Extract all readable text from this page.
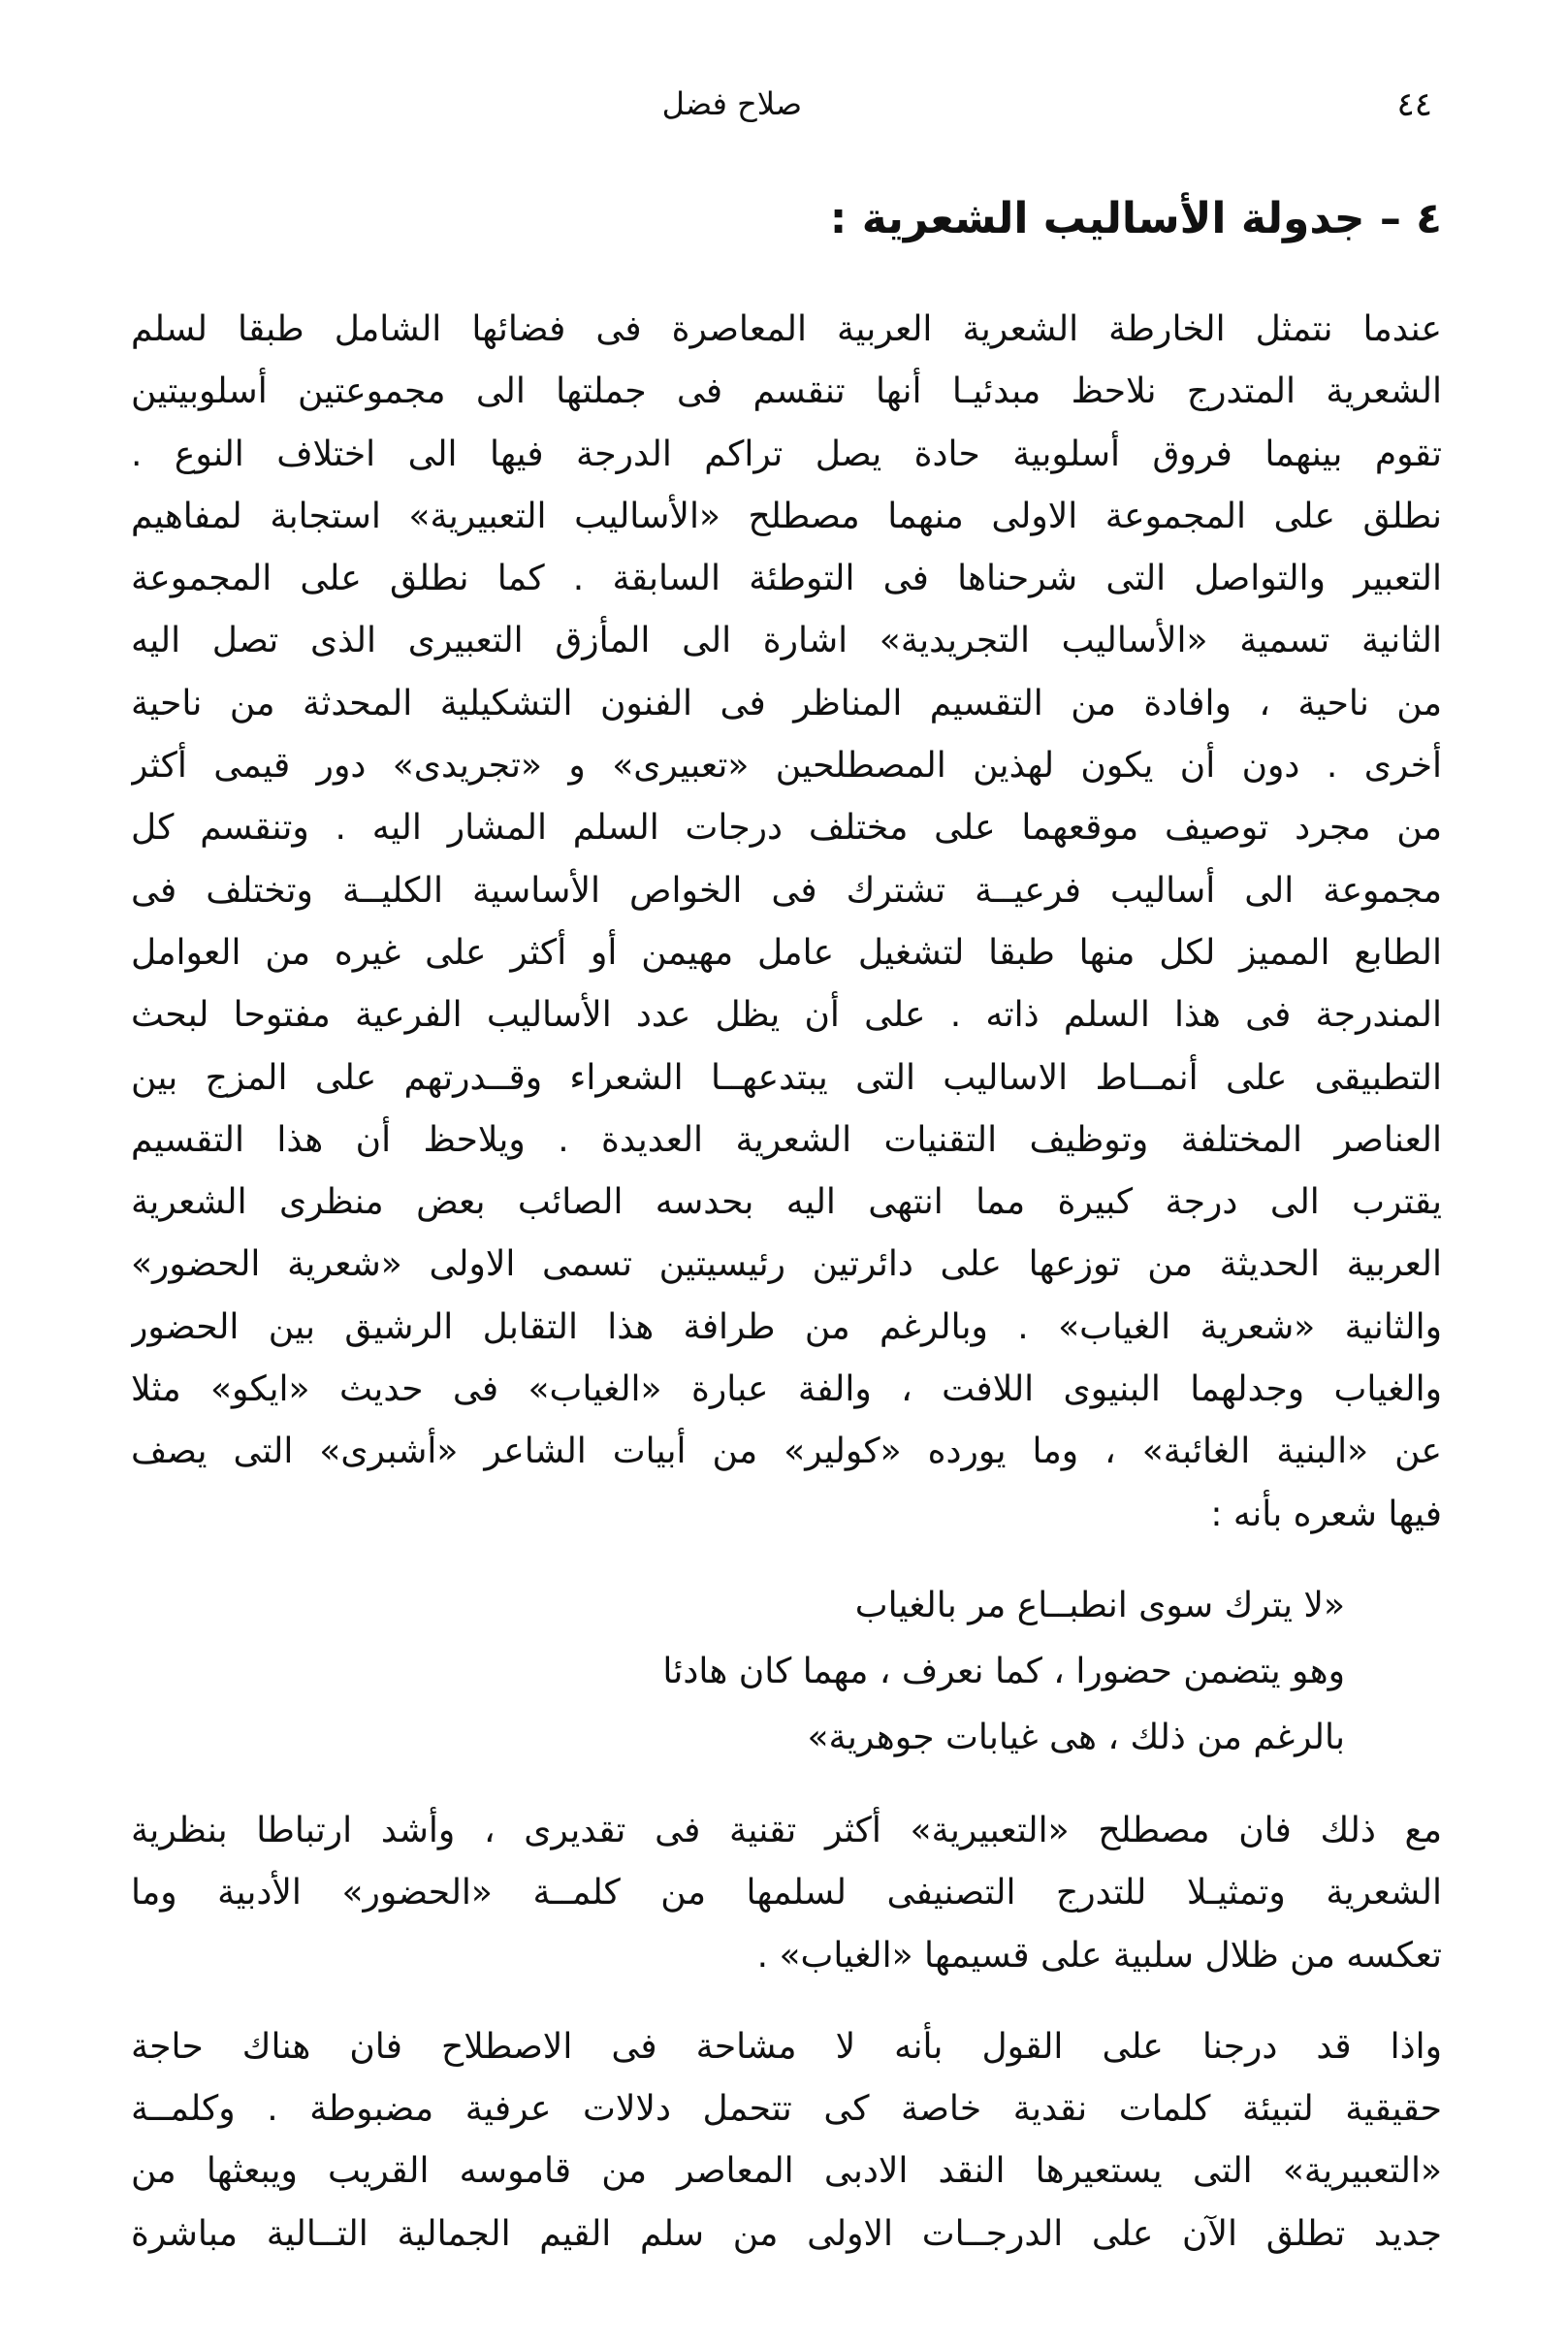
٤٤
صلاح فضل
٤ – جدولة الأساليب الشعرية :
عندما نتمثل الخارطة الشعرية العربية المعاصرة فى فضائها الشامل طبقا لسلم
الشعرية المتدرج نلاحظ مبدئيـا أنها تنقسم فى جملتها الى مجموعتين أسلوبيتين
تقوم بينهما فروق أسلوبية حادة يصل تراكم الدرجة فيها الى اختلاف النوع .
نطلق على المجموعة الاولى منهما مصطلح «الأساليب التعبيرية» استجابة لمفاهيم
التعبير والتواصل التى شرحناها فى التوطئة السابقة . كما نطلق على المجموعة
الثانية تسمية «الأساليب التجريدية» اشارة الى المأزق التعبيرى الذى تصل اليه
من ناحية ، وافادة من التقسيم المناظر فى الفنون التشكيلية المحدثة من ناحية
أخرى . دون أن يكون لهذين المصطلحين «تعبيرى» و «تجريدى» دور قيمى أكثر
من مجرد توصيف موقعهما على مختلف درجات السلم المشار اليه . وتنقسم كل
مجموعة الى أساليب فرعيــة تشترك فى الخواص الأساسية الكليــة وتختلف فى
الطابع المميز لكل منها طبقا لتشغيل عامل مهيمن أو أكثر على غيره من العوامل
المندرجة فى هذا السلم ذاته . على أن يظل عدد الأساليب الفرعية مفتوحا لبحث
التطبيقى على أنمــاط الاساليب التى يبتدعهــا الشعراء وقــدرتهم على المزج بين
العناصر المختلفة وتوظيف التقنيات الشعرية العديدة . ويلاحظ أن هذا التقسيم
يقترب الى درجة كبيرة مما انتهى اليه بحدسه الصائب بعض منظرى الشعرية
العربية الحديثة من توزعها على دائرتين رئيسيتين تسمى الاولى «شعرية الحضور»
والثانية «شعرية الغياب» . وبالرغم من طرافة هذا التقابل الرشيق بين الحضور
والغياب وجدلهما البنيوى اللافت ، والفة عبارة «الغياب» فى حديث «ايكو» مثلا
عن «البنية الغائبة» ، وما يورده «كولير» من أبيات الشاعر «أشبرى» التى يصف
فيها شعره بأنه :
«لا يترك سوى انطبــاع مر بالغياب
وهو يتضمن حضورا ، كما نعرف ، مهما كان هادئا
بالرغم من ذلك ، هى غيابات جوهرية»
مع ذلك فان مصطلح «التعبيرية» أكثر تقنية فى تقديرى ، وأشد ارتباطا بنظرية
الشعرية وتمثيـلا للتدرج التصنيفى لسلمها من كلمــة «الحضور» الأدبية وما
تعكسه من ظلال سلبية على قسيمها «الغياب» .
واذا قد درجنا على القول بأنه لا مشاحة فى الاصطلاح فان هناك حاجة
حقيقية لتبيئة كلمات نقدية خاصة كى تتحمل دلالات عرفية مضبوطة . وكلمــة
«التعبيرية» التى يستعيرها النقد الادبى المعاصر من قاموسه القريب ويبعثها من
جديد تطلق الآن على الدرجــات الاولى من سلم القيم الجمالية التــالية مباشرة
